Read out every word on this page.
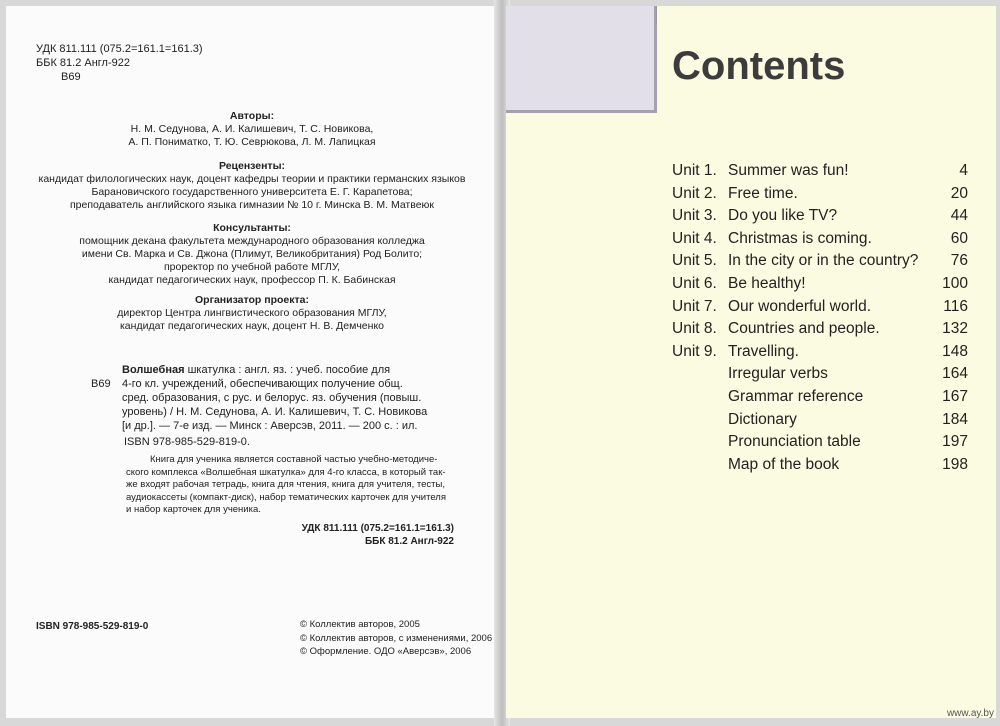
УДК 811.111 (075.2=161.1=161.3)
ББК 81.2 Англ-922
В69
Авторы:
Н. М. Седунова, А. И. Калишевич, Т. С. Новикова,
А. П. Пониматко, Т. Ю. Севрюкова, Л. М. Лапицкая
Рецензенты:
кандидат филологических наук, доцент кафедры теории и практики германских языков
Барановичского государственного университета Е. Г. Карапетова;
преподаватель английского языка гимназии № 10 г. Минска В. М. Матвеюк
Консультанты:
помощник декана факультета международного образования колледжа
имени Св. Марка и Св. Джона (Плимут, Великобритания) Род Болито;
проректор по учебной работе МГЛУ,
кандидат педагогических наук, профессор П. К. Бабинская
Организатор проекта:
директор Центра лингвистического образования МГЛУ,
кандидат педагогических наук, доцент Н. В. Демченко
В69
Волшебная шкатулка : англ. яз. : учеб. пособие для
4-го кл. учреждений, обеспечивающих получение общ.
сред. образования, с рус. и белорус. яз. обучения (повыш.
уровень) / Н. М. Седунова, А. И. Калишевич, Т. С. Новикова
[и др.]. — 7-е изд. — Минск : Аверсэв, 2011. — 200 с. : ил.
ISBN 978-985-529-819-0.
Книга для ученика является составной частью учебно-методиче-
ского комплекса «Волшебная шкатулка» для 4-го класса, в который так-
же входят рабочая тетрадь, книга для чтения, книга для учителя, тесты,
аудиокассеты (компакт-диск), набор тематических карточек для учителя
и набор карточек для ученика.
УДК 811.111 (075.2=161.1=161.3)
ББК 81.2 Англ-922
ISBN 978-985-529-819-0	© Коллектив авторов, 2005
© Коллектив авторов, с изменениями, 2006
© Оформление. ОДО «Аверсэв», 2006
Contents
Unit 1. Summer was fun!	4
Unit 2. Free time.	20
Unit 3. Do you like TV?	44
Unit 4. Christmas is coming.	60
Unit 5. In the city or in the country? 76
Unit 6. Be healthy!	100
Unit 7. Our wonderful world.	116
Unit 8. Countries and people.	132
Unit 9. Travelling.	148
Irregular verbs	164
Grammar reference	167
Dictionary	184
Pronunciation table	197
Map of the book	198
www.ay.by
